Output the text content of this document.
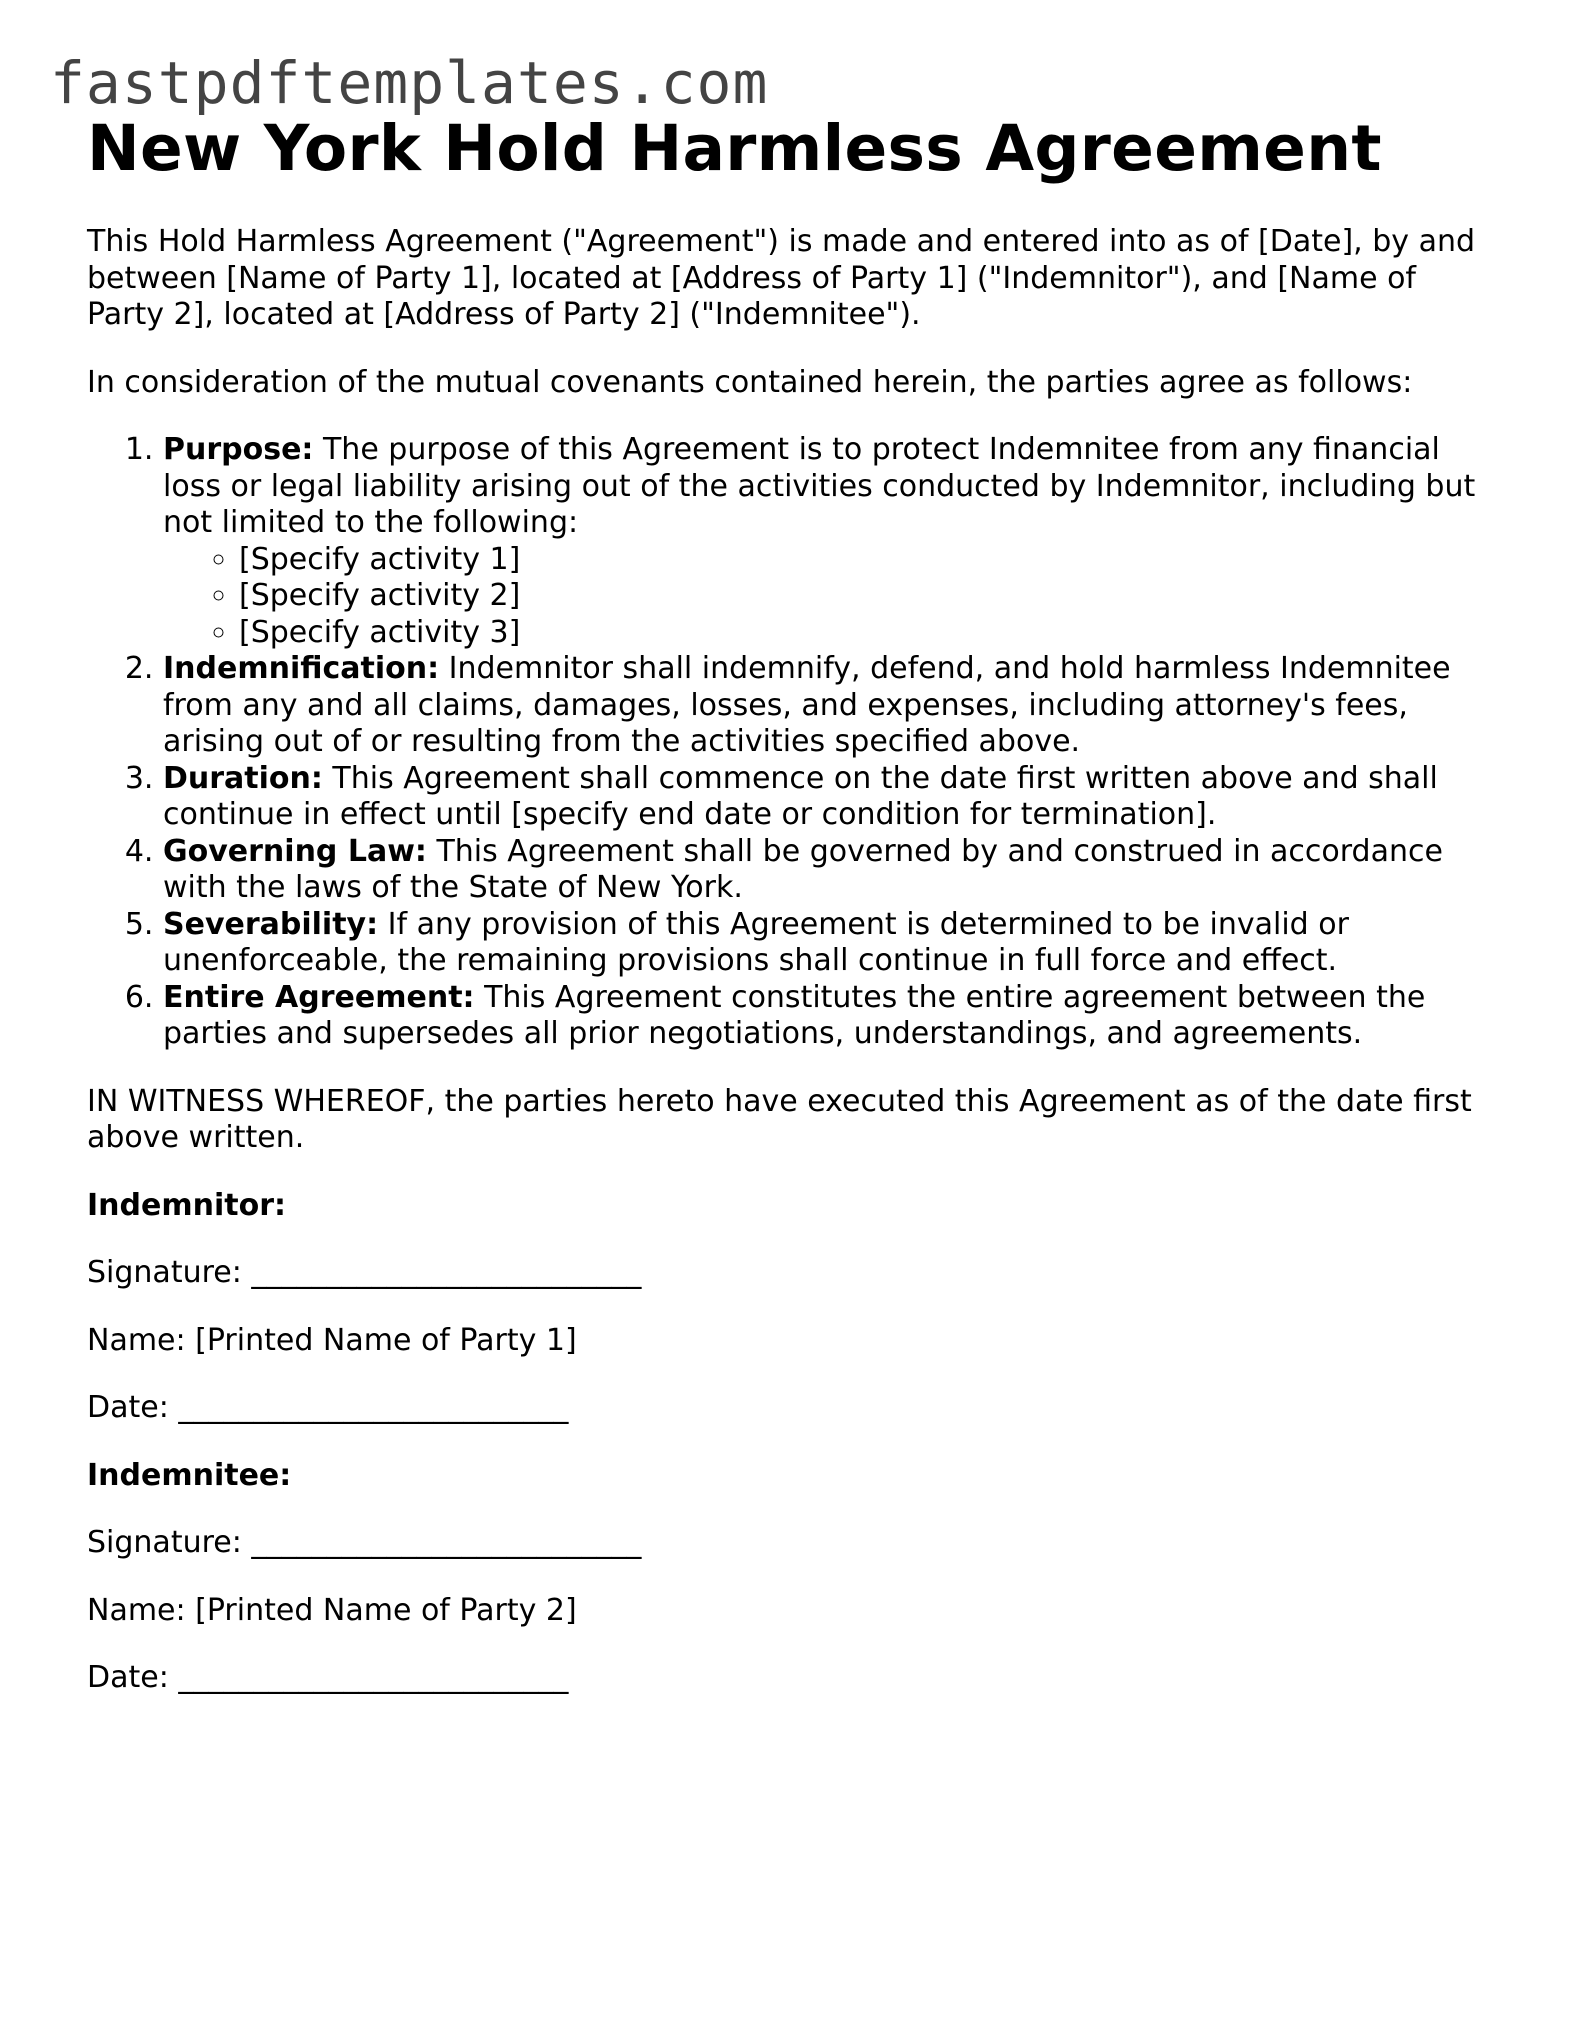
fastpdftemplates.com
New York Hold Harmless Agreement

This Hold Harmless Agreement ("Agreement") is made and entered into as of [Date], by and between [Name of Party 1], located at [Address of Party 1] ("Indemnitor"), and [Name of Party 2], located at [Address of Party 2] ("Indemnitee").

In consideration of the mutual covenants contained herein, the parties agree as follows:

1. Purpose: The purpose of this Agreement is to protect Indemnitee from any financial loss or legal liability arising out of the activities conducted by Indemnitor, including but not limited to the following:
◦ [Specify activity 1]
◦ [Specify activity 2]
◦ [Specify activity 3]
2. Indemnification: Indemnitor shall indemnify, defend, and hold harmless Indemnitee from any and all claims, damages, losses, and expenses, including attorney's fees, arising out of or resulting from the activities specified above.
3. Duration: This Agreement shall commence on the date first written above and shall continue in effect until [specify end date or condition for termination].
4. Governing Law: This Agreement shall be governed by and construed in accordance with the laws of the State of New York.
5. Severability: If any provision of this Agreement is determined to be invalid or unenforceable, the remaining provisions shall continue in full force and effect.
6. Entire Agreement: This Agreement constitutes the entire agreement between the parties and supersedes all prior negotiations, understandings, and agreements.

IN WITNESS WHEREOF, the parties hereto have executed this Agreement as of the date first above written.

Indemnitor:

Signature: __________________________

Name: [Printed Name of Party 1]

Date: __________________________

Indemnitee:

Signature: __________________________

Name: [Printed Name of Party 2]

Date: __________________________
